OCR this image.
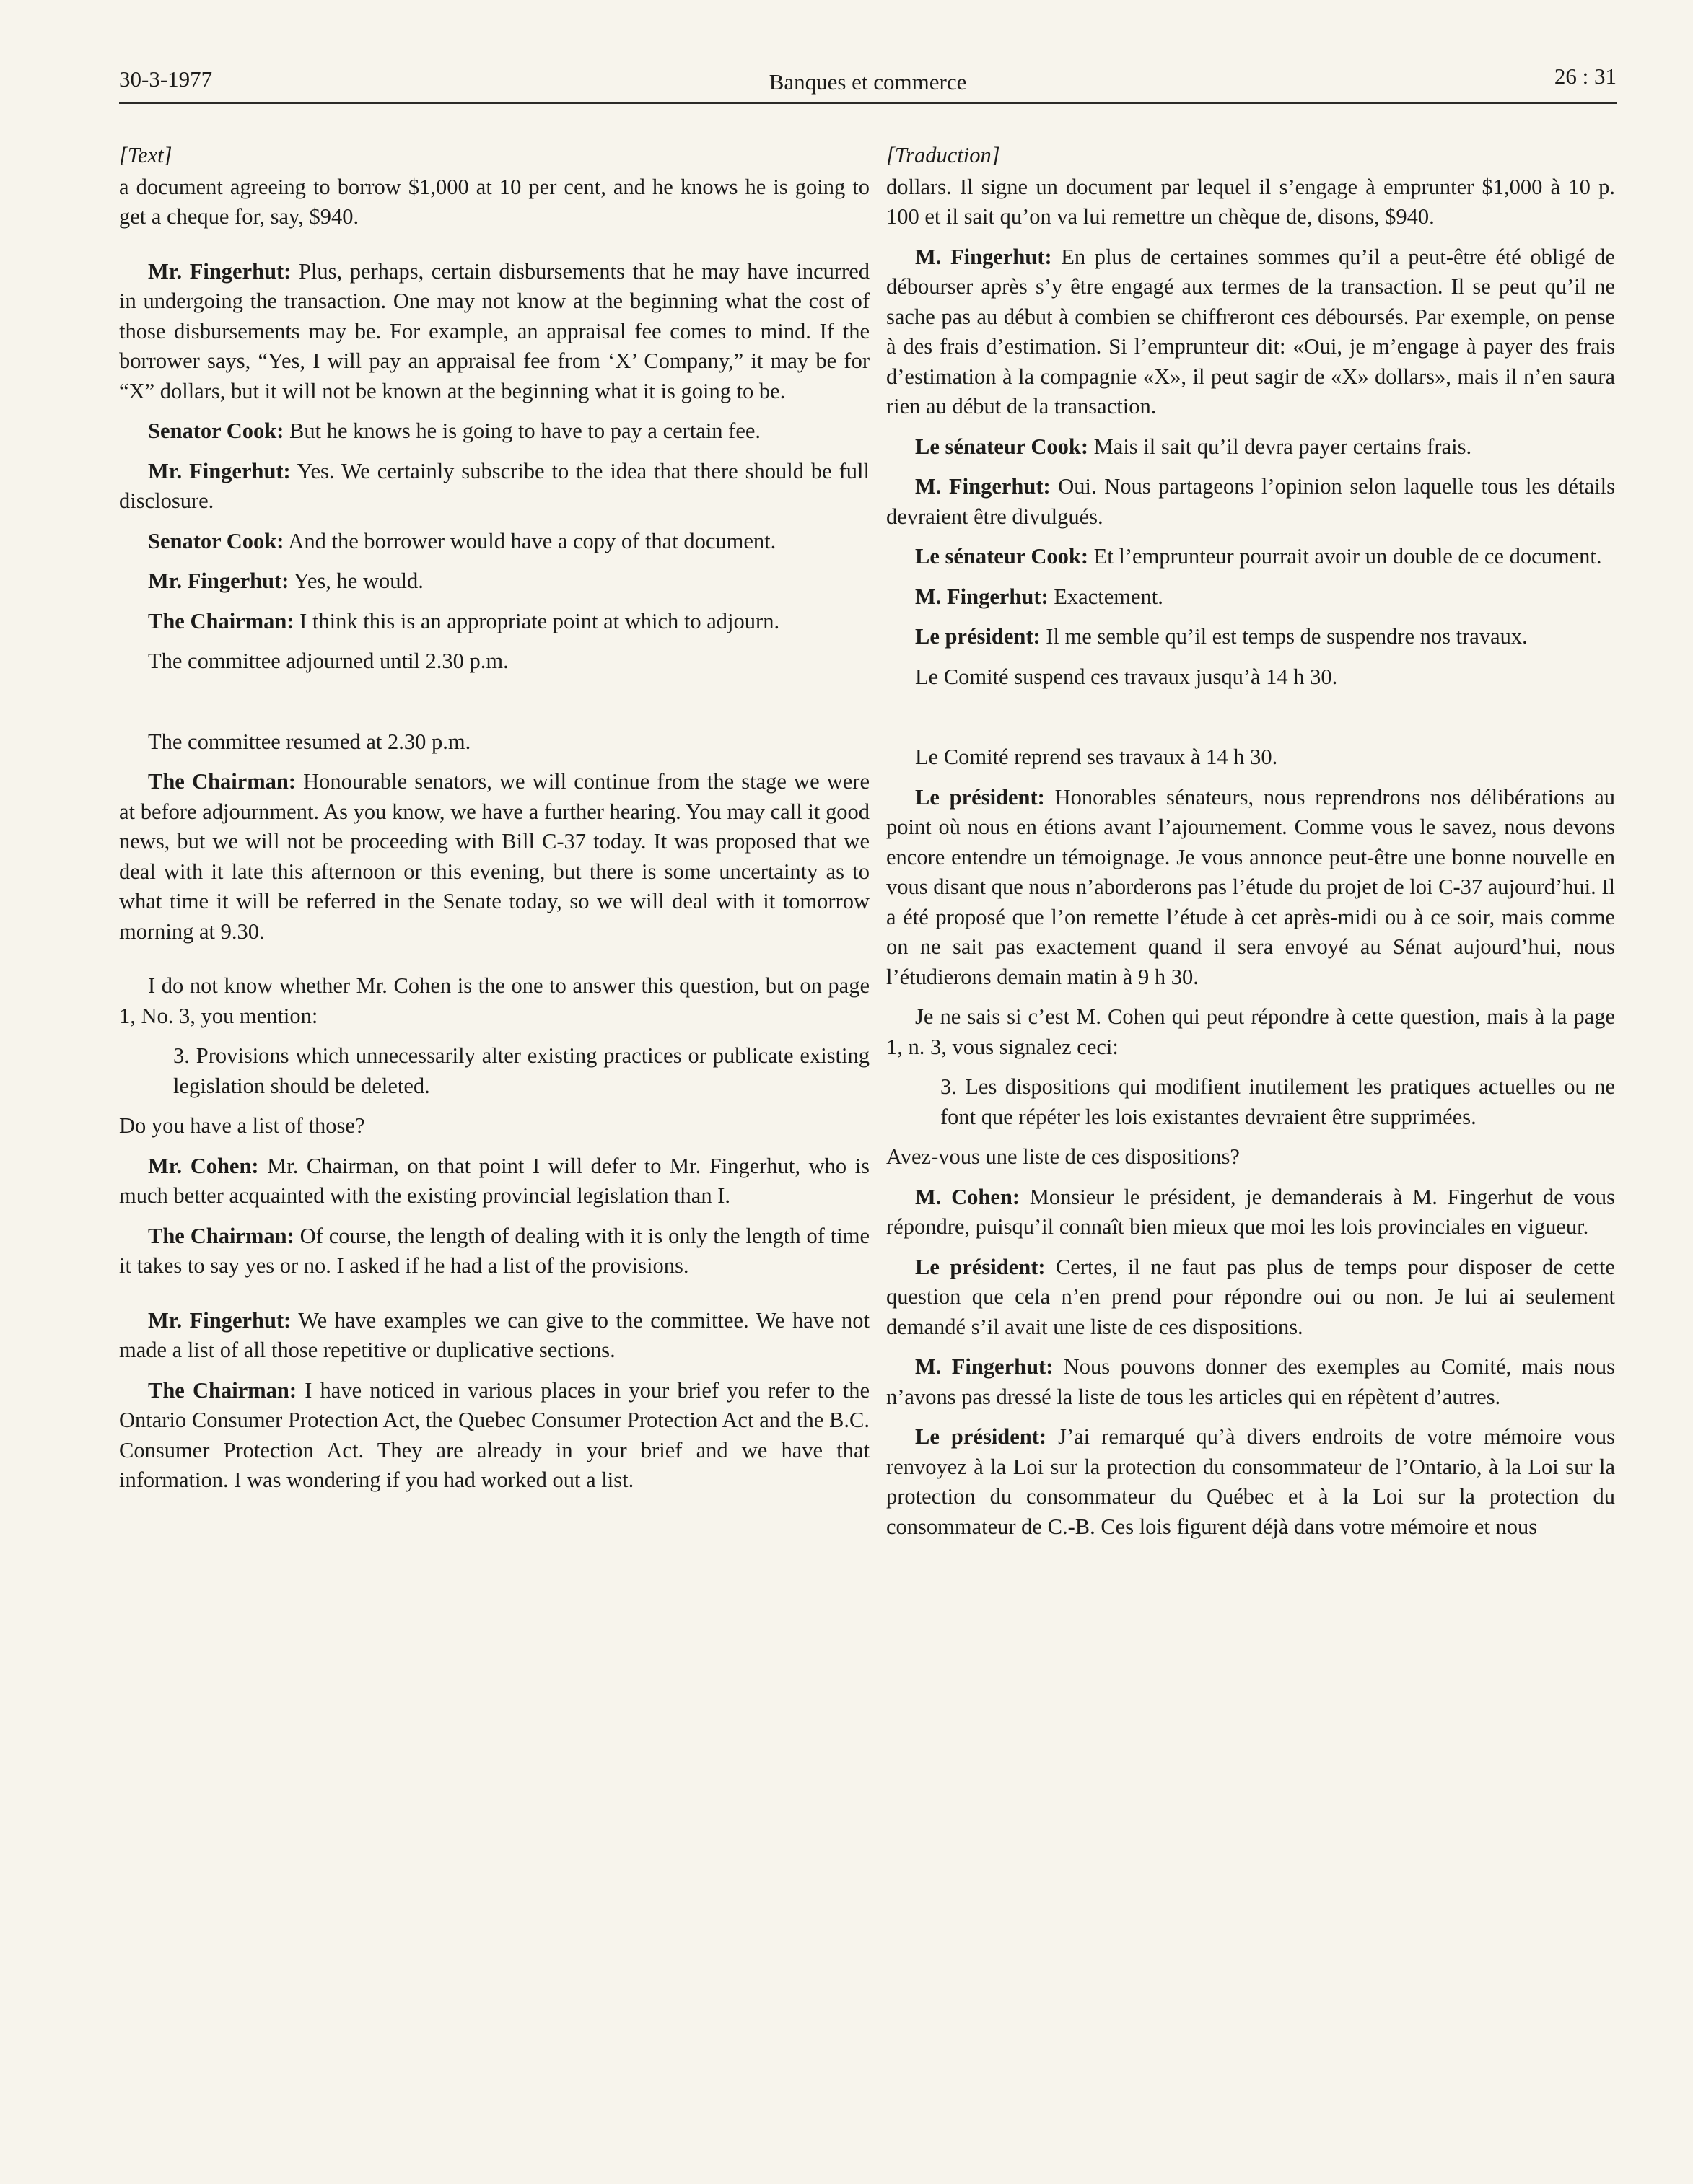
30-3-1977	Banques et commerce	26 : 31

[Text]

a document agreeing to borrow $1,000 at 10 per cent, and he knows he is going to get a cheque for, say, $940.

Mr. Fingerhut: Plus, perhaps, certain disbursements that he may have incurred in undergoing the transaction. One may not know at the beginning what the cost of those disbursements may be. For example, an appraisal fee comes to mind. If the borrower says, “Yes, I will pay an appraisal fee from ‘X’ Company,” it may be for “X” dollars, but it will not be known at the beginning what it is going to be.

Senator Cook: But he knows he is going to have to pay a certain fee.

Mr. Fingerhut: Yes. We certainly subscribe to the idea that there should be full disclosure.

Senator Cook: And the borrower would have a copy of that document.

Mr. Fingerhut: Yes, he would.

The Chairman: I think this is an appropriate point at which to adjourn.

The committee adjourned until 2.30 p.m.

The committee resumed at 2.30 p.m.

The Chairman: Honourable senators, we will continue from the stage we were at before adjournment. As you know, we have a further hearing. You may call it good news, but we will not be proceeding with Bill C-37 today. It was proposed that we deal with it late this afternoon or this evening, but there is some uncertainty as to what time it will be referred in the Senate today, so we will deal with it tomorrow morning at 9.30.

I do not know whether Mr. Cohen is the one to answer this question, but on page 1, No. 3, you mention:

3. Provisions which unnecessarily alter existing practices or publicate existing legislation should be deleted.

Do you have a list of those?

Mr. Cohen: Mr. Chairman, on that point I will defer to Mr. Fingerhut, who is much better acquainted with the existing provincial legislation than I.

The Chairman: Of course, the length of dealing with it is only the length of time it takes to say yes or no. I asked if he had a list of the provisions.

Mr. Fingerhut: We have examples we can give to the committee. We have not made a list of all those repetitive or duplicative sections.

The Chairman: I have noticed in various places in your brief you refer to the Ontario Consumer Protection Act, the Quebec Consumer Protection Act and the B.C. Consumer Protection Act. They are already in your brief and we have that information. I was wondering if you had worked out a list.

[Traduction]

dollars. Il signe un document par lequel il s’engage à emprunter $1,000 à 10 p. 100 et il sait qu’on va lui remettre un chèque de, disons, $940.

M. Fingerhut: En plus de certaines sommes qu’il a peut-être été obligé de débourser après s’y être engagé aux termes de la transaction. Il se peut qu’il ne sache pas au début à combien se chiffreront ces déboursés. Par exemple, on pense à des frais d’estimation. Si l’emprunteur dit: «Oui, je m’engage à payer des frais d’estimation à la compagnie «X», il peut sagir de «X» dollars», mais il n’en saura rien au début de la transaction.

Le sénateur Cook: Mais il sait qu’il devra payer certains frais.

M. Fingerhut: Oui. Nous partageons l’opinion selon laquelle tous les détails devraient être divulgués.

Le sénateur Cook: Et l’emprunteur pourrait avoir un double de ce document.

M. Fingerhut: Exactement.

Le président: Il me semble qu’il est temps de suspendre nos travaux.

Le Comité suspend ces travaux jusqu’à 14 h 30.

Le Comité reprend ses travaux à 14 h 30.

Le président: Honorables sénateurs, nous reprendrons nos délibérations au point où nous en étions avant l’ajournement. Comme vous le savez, nous devons encore entendre un témoignage. Je vous annonce peut-être une bonne nouvelle en vous disant que nous n’aborderons pas l’étude du projet de loi C-37 aujourd’hui. Il a été proposé que l’on remette l’étude à cet après-midi ou à ce soir, mais comme on ne sait pas exactement quand il sera envoyé au Sénat aujourd’hui, nous l’étudierons demain matin à 9 h 30.

Je ne sais si c’est M. Cohen qui peut répondre à cette question, mais à la page 1, n. 3, vous signalez ceci:

3. Les dispositions qui modifient inutilement les pratiques actuelles ou ne font que répéter les lois existantes devraient être supprimées.

Avez-vous une liste de ces dispositions?

M. Cohen: Monsieur le président, je demanderais à M. Fingerhut de vous répondre, puisqu’il connaît bien mieux que moi les lois provinciales en vigueur.

Le président: Certes, il ne faut pas plus de temps pour disposer de cette question que cela n’en prend pour répondre oui ou non. Je lui ai seulement demandé s’il avait une liste de ces dispositions.

M. Fingerhut: Nous pouvons donner des exemples au Comité, mais nous n’avons pas dressé la liste de tous les articles qui en répètent d’autres.

Le président: J’ai remarqué qu’à divers endroits de votre mémoire vous renvoyez à la Loi sur la protection du consommateur de l’Ontario, à la Loi sur la protection du consommateur du Québec et à la Loi sur la protection du consommateur de C.-B. Ces lois figurent déjà dans votre mémoire et nous
